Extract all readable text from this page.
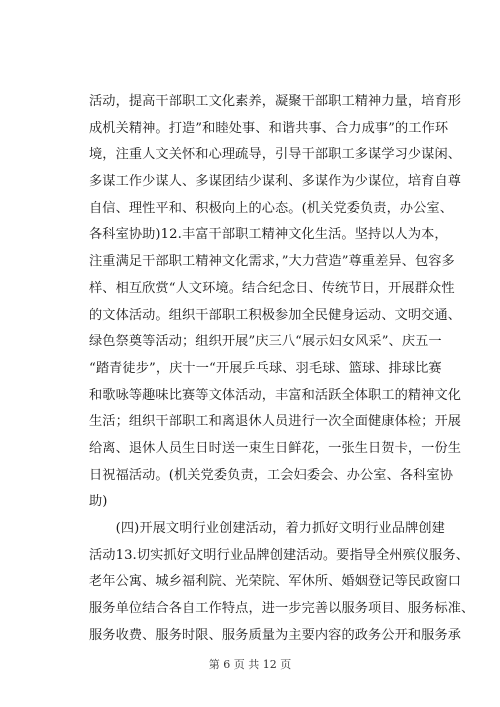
活动，提高干部职工文化素养，凝聚干部职工精神力量，培育形
成机关精神。打造”和睦处事、和谐共事、合力成事”的工作环
境，注重人文关怀和心理疏导，引导干部职工多谋学习少谋闲、
多谋工作少谋人、多谋团结少谋利、多谋作为少谋位，培育自尊
自信、理性平和、积极向上的心态。(机关党委负责，办公室、
各科室协助)12.丰富干部职工精神文化生活。坚持以人为本，
注重满足干部职工精神文化需求，”大力营造”尊重差异、包容多
样、相互欣赏“人文环境。结合纪念日、传统节日，开展群众性
的文体活动。组织干部职工积极参加全民健身运动、文明交通、
绿色祭奠等活动；组织开展”庆三八“展示妇女风采”、庆五一
“踏青徒步”，庆十一“开展乒乓球、羽毛球、篮球、排球比赛
和歌咏等趣味比赛等文体活动，丰富和活跃全体职工的精神文化
生活；组织干部职工和离退休人员进行一次全面健康体检；开展
给离、退休人员生日时送一束生日鲜花，一张生日贺卡，一份生
日祝福活动。(机关党委负责，工会妇委会、办公室、各科室协
助)
　　(四)开展文明行业创建活动，着力抓好文明行业品牌创建
活动13.切实抓好文明行业品牌创建活动。要指导全州殡仪服务、
老年公寓、城乡福利院、光荣院、军休所、婚姻登记等民政窗口
服务单位结合各自工作特点，进一步完善以服务项目、服务标准、
服务收费、服务时限、服务质量为主要内容的政务公开和服务承
第 6 页 共 12 页
